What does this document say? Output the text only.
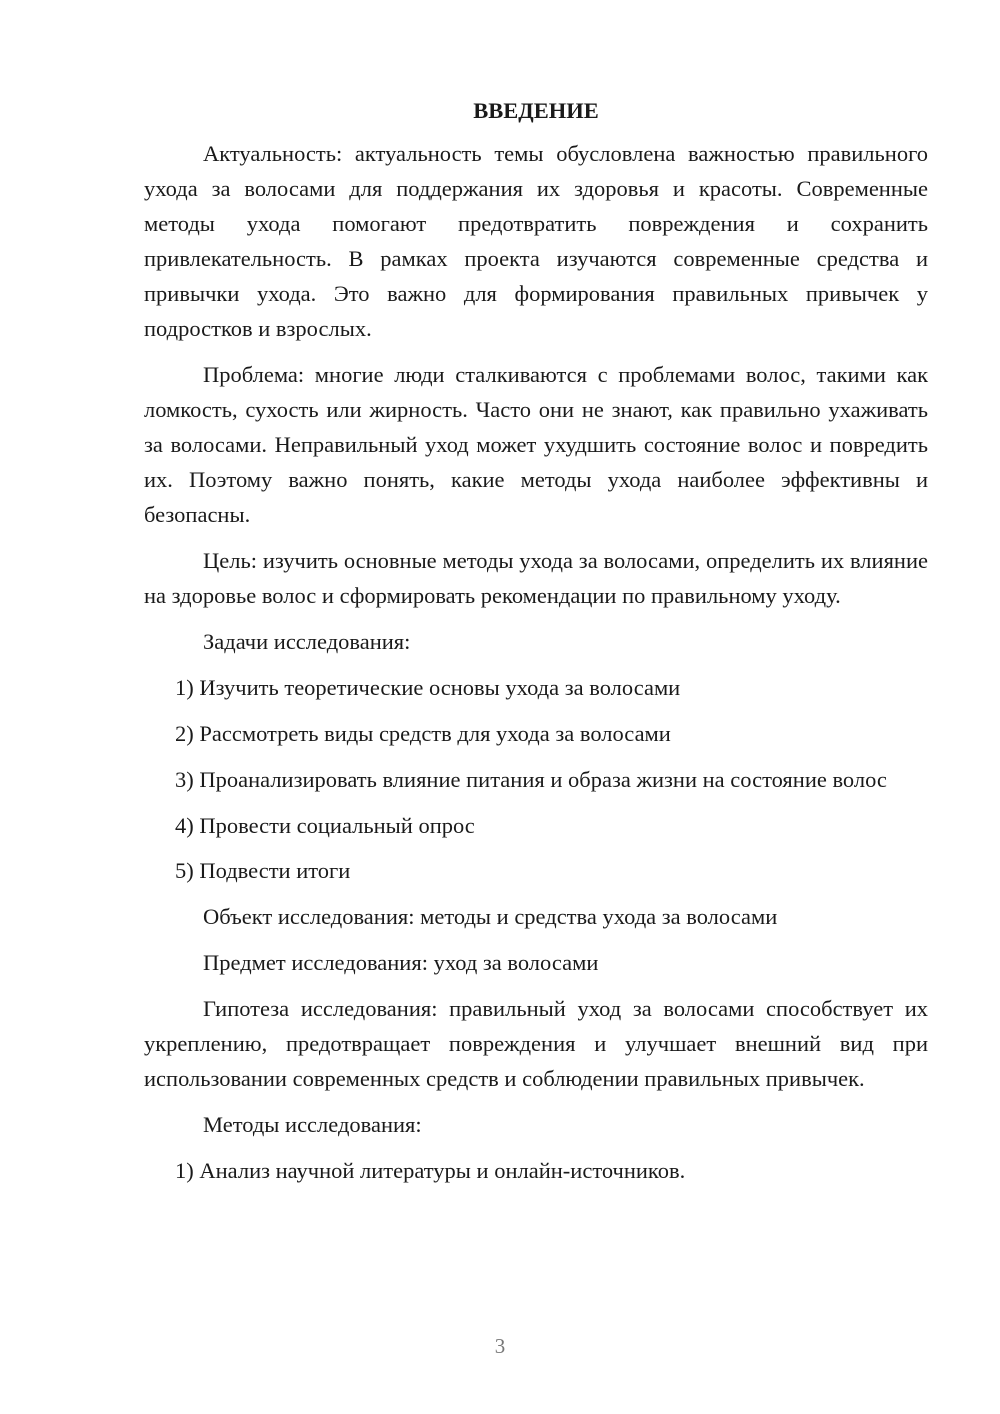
ВВЕДЕНИЕ

Актуальность: актуальность темы обусловлена важностью правильного ухода за волосами для поддержания их здоровья и красоты. Современные методы ухода помогают предотвратить повреждения и сохранить привлекательность. В рамках проекта изучаются современные средства и привычки ухода. Это важно для формирования правильных привычек у подростков и взрослых.

Проблема: многие люди сталкиваются с проблемами волос, такими как ломкость, сухость или жирность. Часто они не знают, как правильно ухаживать за волосами. Неправильный уход может ухудшить состояние волос и повредить их. Поэтому важно понять, какие методы ухода наиболее эффективны и безопасны.

Цель: изучить основные методы ухода за волосами, определить их влияние на здоровье волос и сформировать рекомендации по правильному уходу.

Задачи исследования:

1) Изучить теоретические основы ухода за волосами

2) Рассмотреть виды средств для ухода за волосами

3) Проанализировать влияние питания и образа жизни на состояние волос

4) Провести социальный опрос

5) Подвести итоги

Объект исследования: методы и средства ухода за волосами

Предмет исследования: уход за волосами

Гипотеза исследования: правильный уход за волосами способствует их укреплению, предотвращает повреждения и улучшает внешний вид при использовании современных средств и соблюдении правильных привычек.

Методы исследования:

1) Анализ научной литературы и онлайн-источников.

3
